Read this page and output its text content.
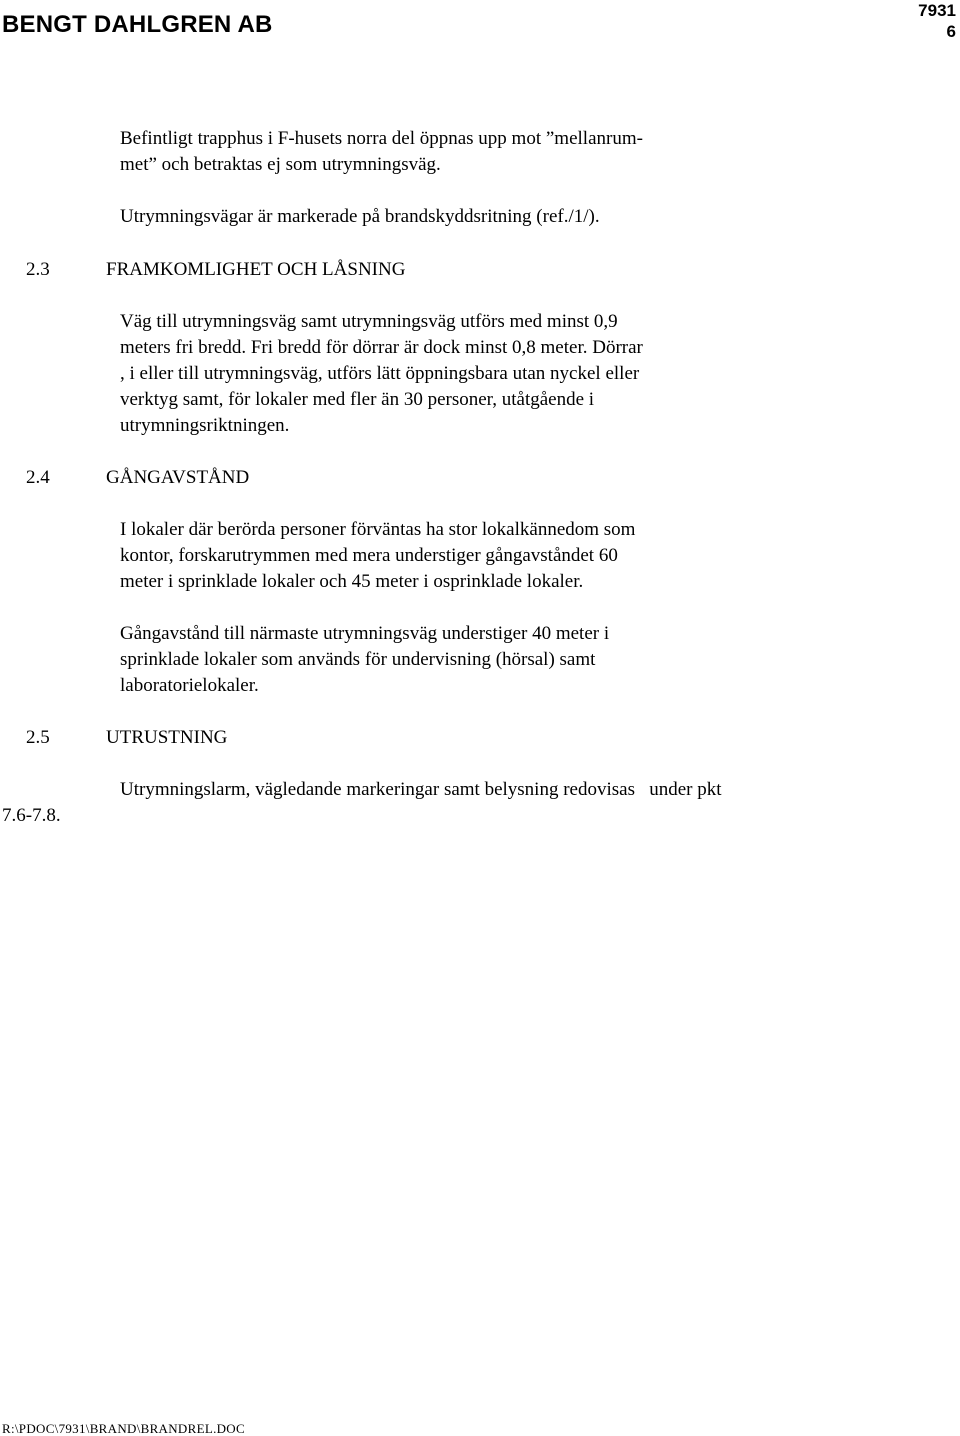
BENGT DAHLGREN AB
7931
6
Befintligt trapphus i F-husets norra del öppnas upp mot ”mellanrum-
met” och betraktas ej som utrymningsväg.
Utrymningsvägar är markerade på brandskyddsritning (ref./1/).
2.3	FRAMKOMLIGHET OCH LÅSNING
Väg till utrymningsväg samt utrymningsväg utförs med minst 0,9
meters fri bredd. Fri bredd för dörrar är dock minst 0,8 meter. Dörrar
, i eller till utrymningsväg, utförs lätt öppningsbara utan nyckel eller
verktyg samt, för lokaler med fler än 30 personer, utåtgående i
utrymningsriktningen.
2.4	GÅNGAVSTÅND
I lokaler där berörda personer förväntas ha stor lokalkännedom som
kontor, forskarutrymmen med mera understiger gångavståndet 60
meter i sprinklade lokaler och 45 meter i osprinklade lokaler.
Gångavstånd till närmaste utrymningsväg understiger 40 meter i
sprinklade lokaler som används för undervisning (hörsal) samt
laboratorielokaler.
2.5	UTRUSTNING
Utrymningslarm, vägledande markeringar samt belysning redovisas   under pkt
7.6-7.8.
R:\PDOC\7931\BRAND\BRANDREL.DOC
